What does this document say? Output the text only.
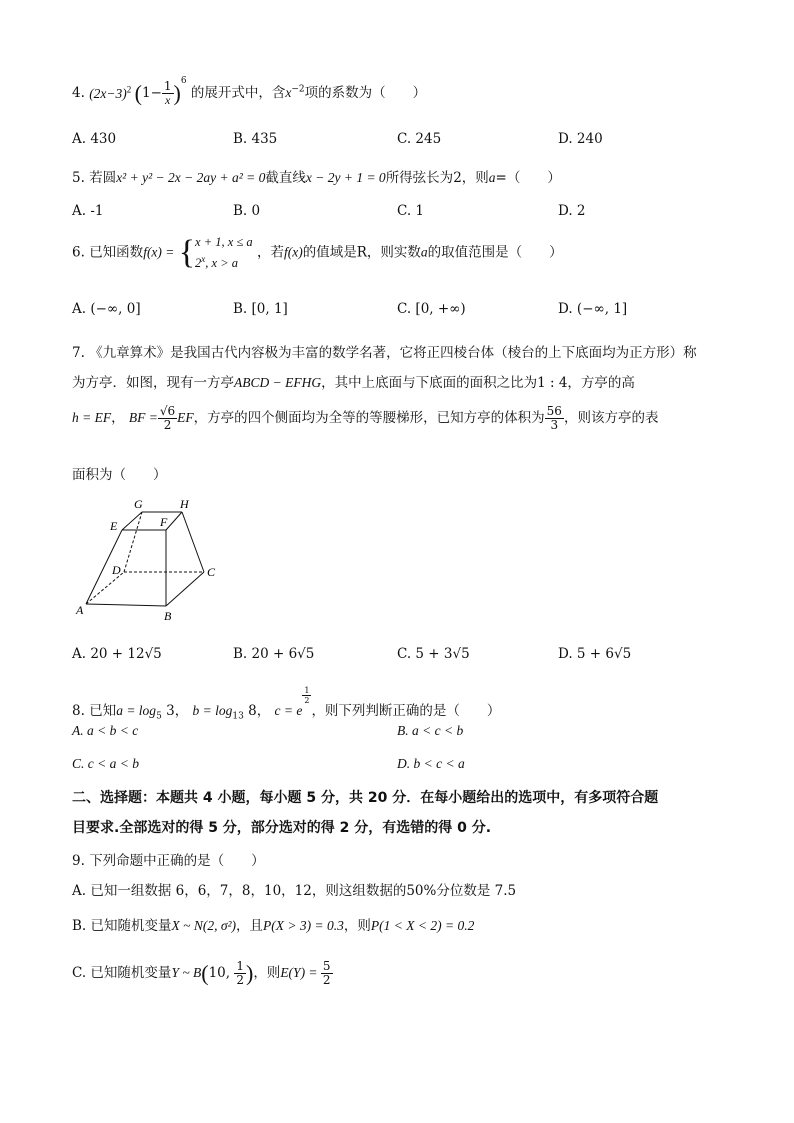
4. $(2x-3)^2$ $(1- \frac{1}{x} )^6$ 的展开式中，含$x^{-2}$项的系数为（　　）
A. 430	B. 435	C. 245	D. 240
5. 若圆x² + y² − 2x − 2ay + a² = 0截直线x − 2y + 1 = 0所得弦长为2，则a=（　　）
A. -1	B. 0	C. 1	D. 2
6. 已知函数f(x) = { x + 1, x ≤ a
2$^x$, x > a
，若f(x)的值域是R，则实数a的取值范围是（　　）
A. (−∞, 0]	B. [0, 1]	C. [0, +∞)	D. (−∞, 1]
7. 《九章算术》是我国古代内容极为丰富的数学名著，它将正四棱台体（棱台的上下底面均为正方形）称
为方亭．如图，现有一方亭ABCD − EFHG，其中上底面与下底面的面积之比为1 : 4，方亭的高
h = EF， BF = $\frac{√6}{2}$ EF，方亭的四个侧面均为全等的等腰梯形，已知方亭的体积为 $\frac{56}{3}$ ，则该方亭的表
面积为（　　）
G	H
E	F
D	C
A	B
A. 20 + 12√5	B. 20 + 6√5	C. 5 + 3√5	D. 5 + 6√5
8. 已知$a = \log_5 3$， $b = \log_{13} 8$， c = e
$\frac{1}{2}$
，则下列判断正确的是（　　）
A. a < b < c	B. a < c < b
C. c < a < b	D. b < c < a
二、选择题：本题共 4 小题，每小题 5 分，共 20 分．在每小题给出的选项中，有多项符合题
目要求.全部选对的得 5 分，部分选对的得 2 分，有选错的得 0 分.
9. 下列命题中正确的是（　　）
A. 已知一组数据 6，6，7，8，10，12，则这组数据的50%分位数是 7.5
B. 已知随机变量X ~ N(2, σ²)，且P(X > 3) = 0.3，则P(1 < X < 2) = 0.2
C. 已知随机变量Y ~ B(10, $\frac{1}{2}$ )，则$E(Y) = \frac{5}{2}$
